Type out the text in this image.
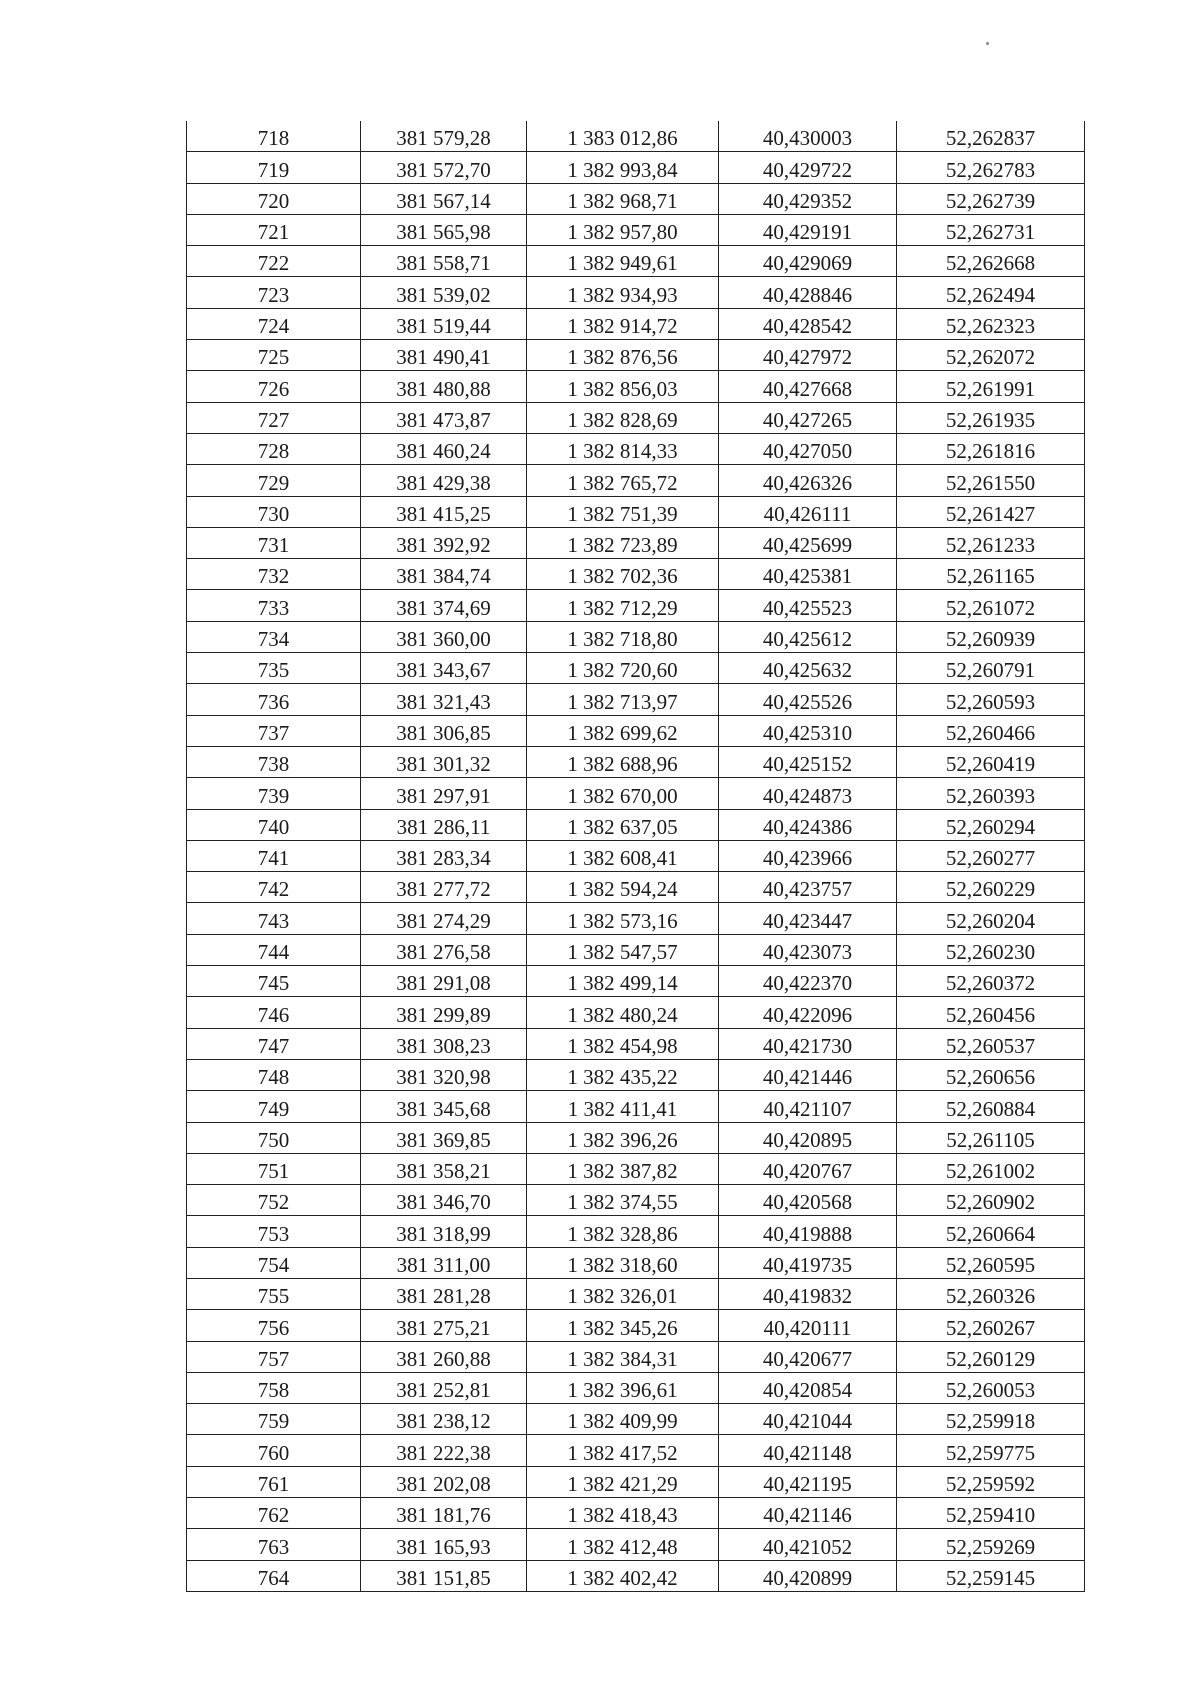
718	381 579,28	1 383 012,86	40,430003	52,262837
719	381 572,70	1 382 993,84	40,429722	52,262783
720	381 567,14	1 382 968,71	40,429352	52,262739
721	381 565,98	1 382 957,80	40,429191	52,262731
722	381 558,71	1 382 949,61	40,429069	52,262668
723	381 539,02	1 382 934,93	40,428846	52,262494
724	381 519,44	1 382 914,72	40,428542	52,262323
725	381 490,41	1 382 876,56	40,427972	52,262072
726	381 480,88	1 382 856,03	40,427668	52,261991
727	381 473,87	1 382 828,69	40,427265	52,261935
728	381 460,24	1 382 814,33	40,427050	52,261816
729	381 429,38	1 382 765,72	40,426326	52,261550
730	381 415,25	1 382 751,39	40,426111	52,261427
731	381 392,92	1 382 723,89	40,425699	52,261233
732	381 384,74	1 382 702,36	40,425381	52,261165
733	381 374,69	1 382 712,29	40,425523	52,261072
734	381 360,00	1 382 718,80	40,425612	52,260939
735	381 343,67	1 382 720,60	40,425632	52,260791
736	381 321,43	1 382 713,97	40,425526	52,260593
737	381 306,85	1 382 699,62	40,425310	52,260466
738	381 301,32	1 382 688,96	40,425152	52,260419
739	381 297,91	1 382 670,00	40,424873	52,260393
740	381 286,11	1 382 637,05	40,424386	52,260294
741	381 283,34	1 382 608,41	40,423966	52,260277
742	381 277,72	1 382 594,24	40,423757	52,260229
743	381 274,29	1 382 573,16	40,423447	52,260204
744	381 276,58	1 382 547,57	40,423073	52,260230
745	381 291,08	1 382 499,14	40,422370	52,260372
746	381 299,89	1 382 480,24	40,422096	52,260456
747	381 308,23	1 382 454,98	40,421730	52,260537
748	381 320,98	1 382 435,22	40,421446	52,260656
749	381 345,68	1 382 411,41	40,421107	52,260884
750	381 369,85	1 382 396,26	40,420895	52,261105
751	381 358,21	1 382 387,82	40,420767	52,261002
752	381 346,70	1 382 374,55	40,420568	52,260902
753	381 318,99	1 382 328,86	40,419888	52,260664
754	381 311,00	1 382 318,60	40,419735	52,260595
755	381 281,28	1 382 326,01	40,419832	52,260326
756	381 275,21	1 382 345,26	40,420111	52,260267
757	381 260,88	1 382 384,31	40,420677	52,260129
758	381 252,81	1 382 396,61	40,420854	52,260053
759	381 238,12	1 382 409,99	40,421044	52,259918
760	381 222,38	1 382 417,52	40,421148	52,259775
761	381 202,08	1 382 421,29	40,421195	52,259592
762	381 181,76	1 382 418,43	40,421146	52,259410
763	381 165,93	1 382 412,48	40,421052	52,259269
764	381 151,85	1 382 402,42	40,420899	52,259145
